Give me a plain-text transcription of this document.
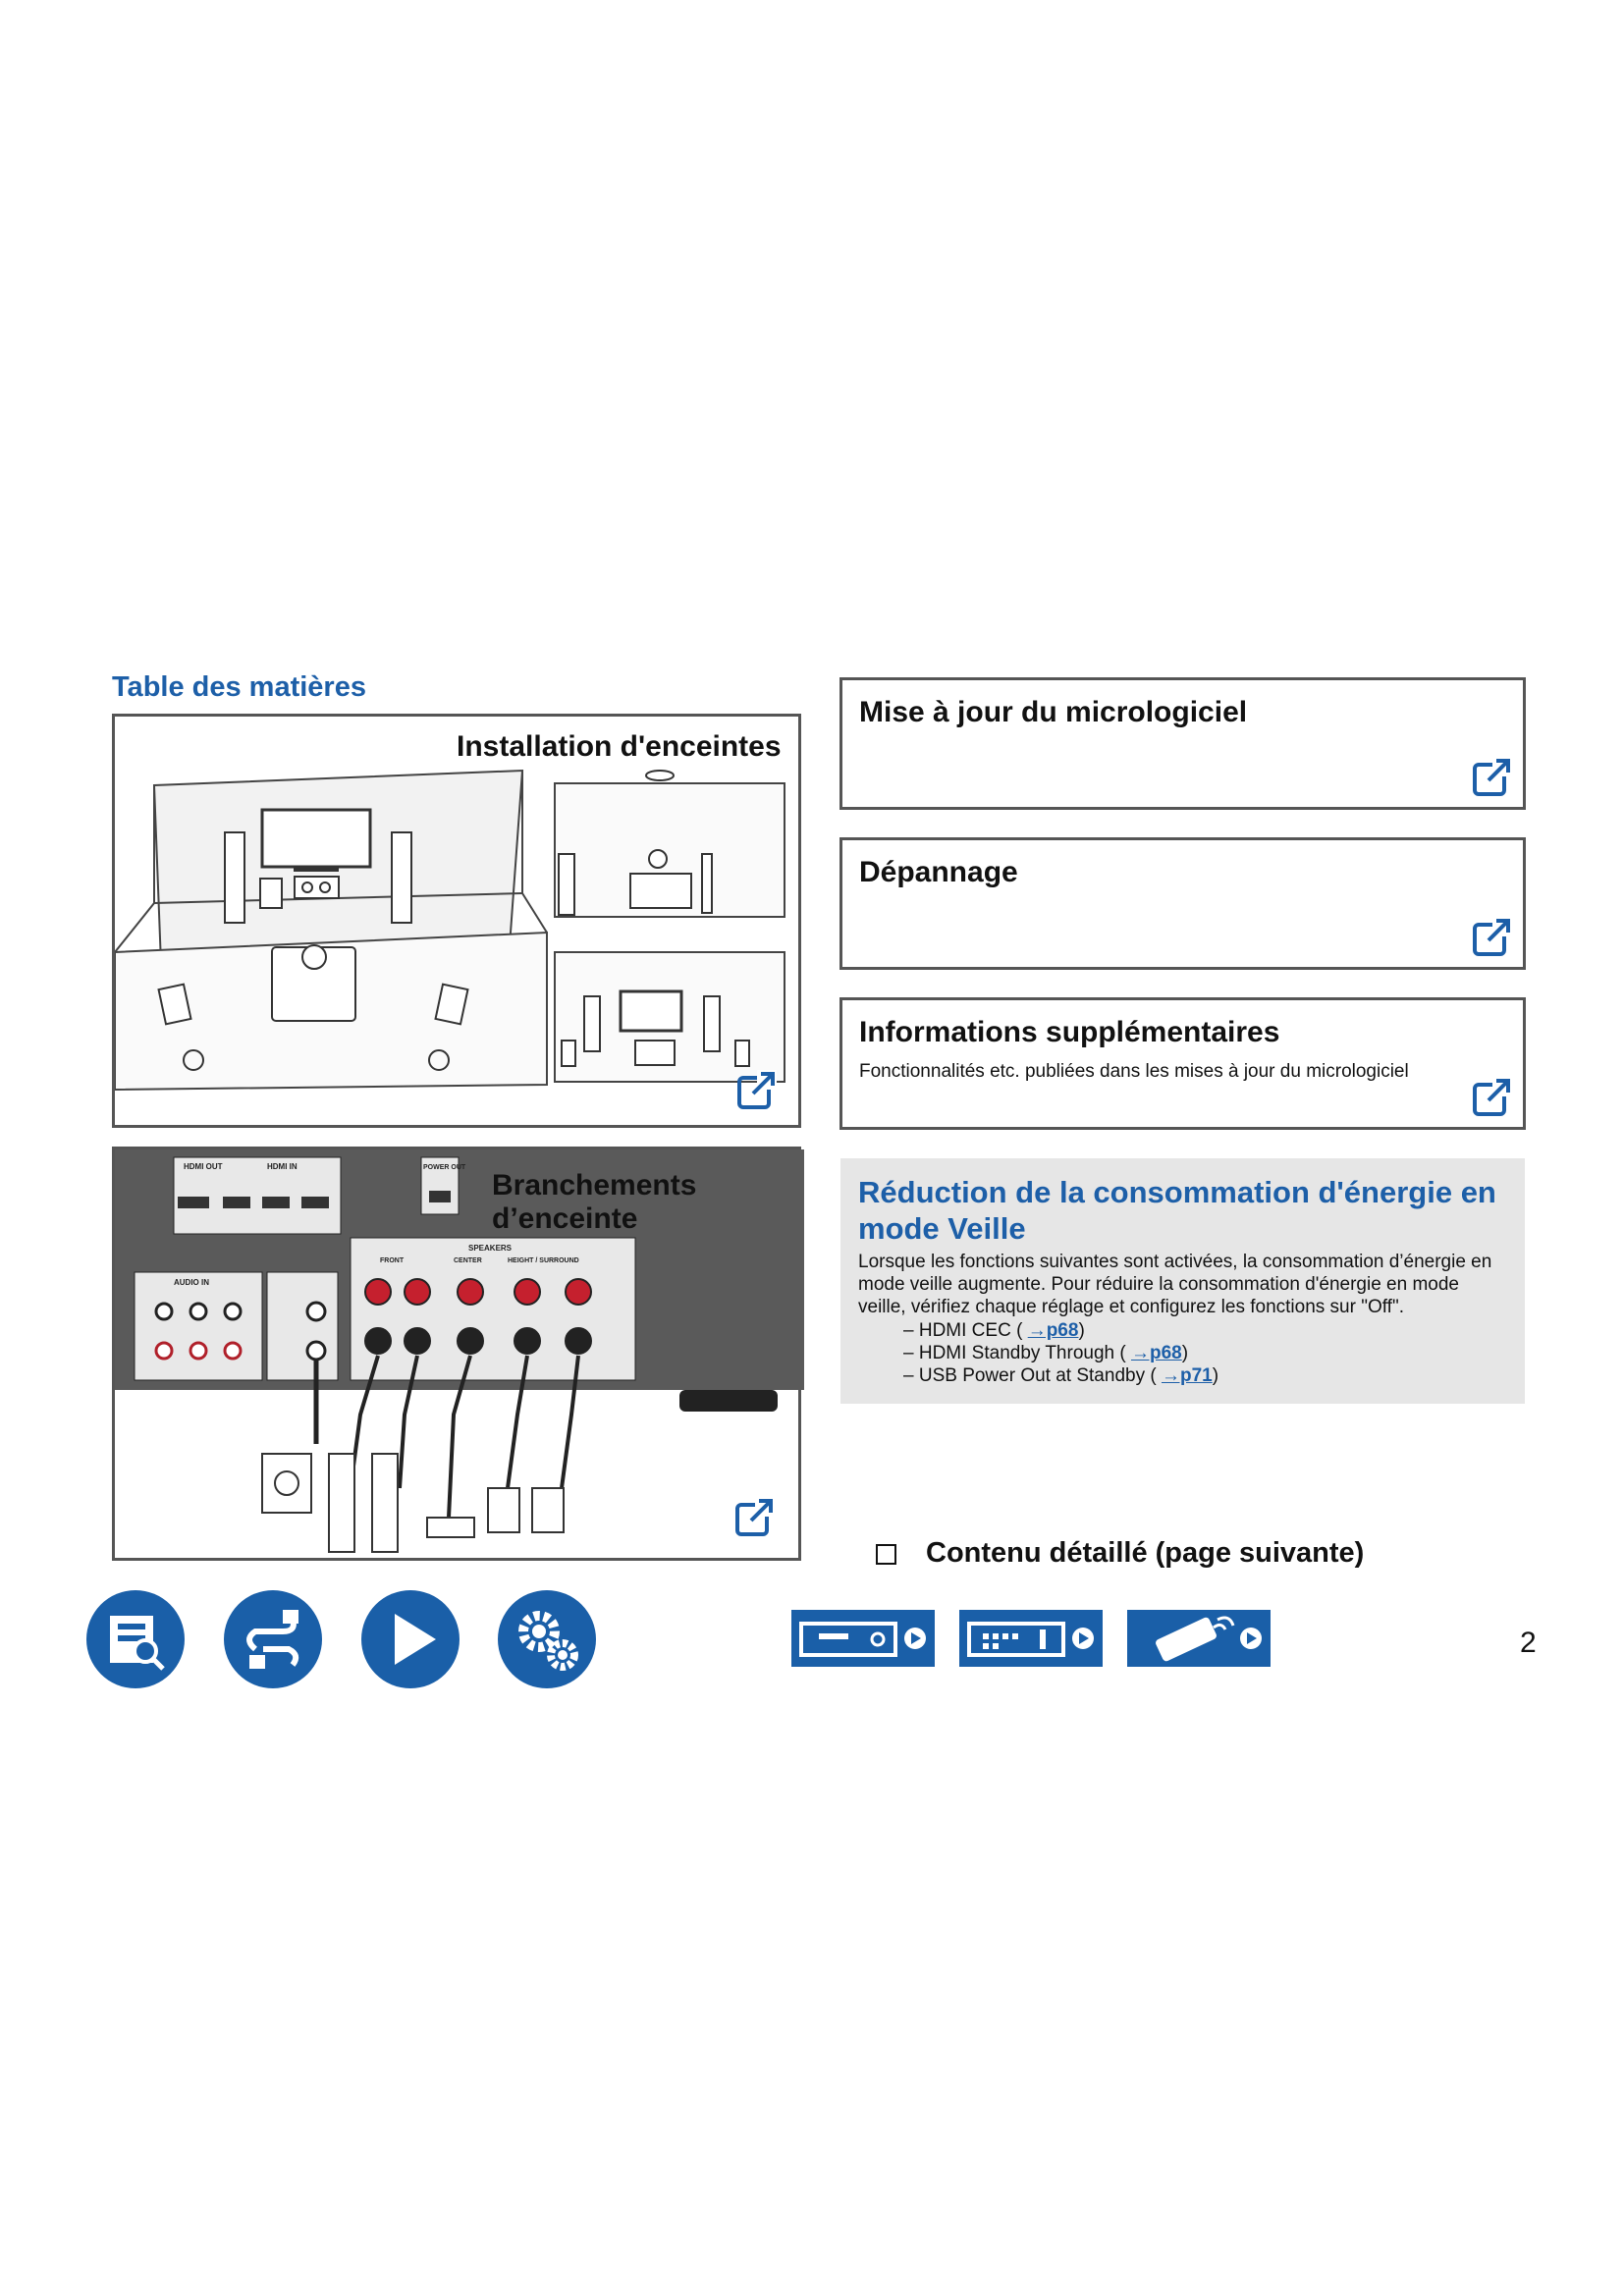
Table des matières
Installation d'enceintes
HDMI OUT	HDMI IN	POWER OUT
AUDIO IN
SPEAKERS
FRONT	CENTER	HEIGHT / SURROUND
Branchements d’enceinte
Mise à jour du micrologiciel
Dépannage
Informations supplémentaires
Fonctionnalités etc. publiées dans les mises à jour du micrologiciel
Réduction de la consommation d'énergie en mode Veille
Lorsque les fonctions suivantes sont activées, la consommation d’énergie en mode veille augmente. Pour réduire la consommation d'énergie en mode veille, vérifiez chaque réglage et configurez les fonctions sur "Off".
– HDMI CEC ( →p68)
– HDMI Standby Through ( →p68)
– USB Power Out at Standby ( →p71)
Contenu détaillé (page suivante)
2
